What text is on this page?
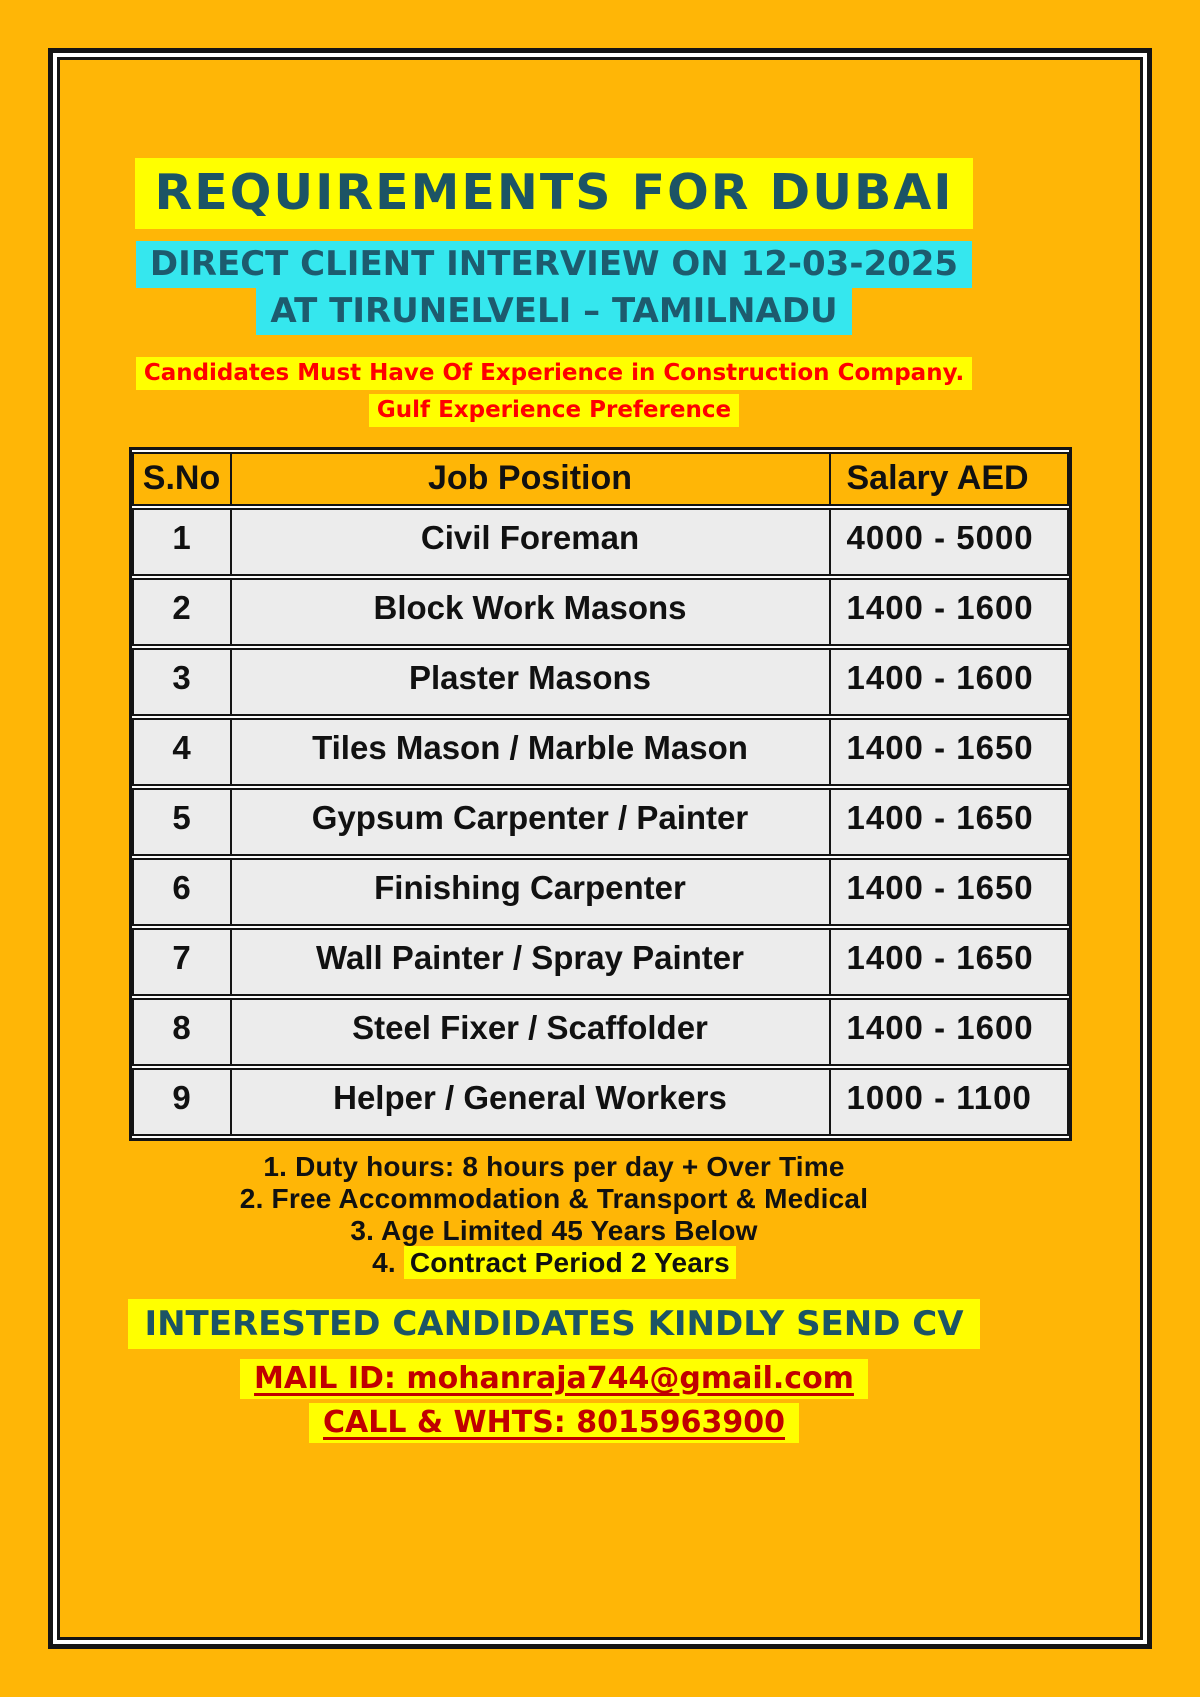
REQUIREMENTS FOR DUBAI
DIRECT CLIENT INTERVIEW ON 12-03-2025
AT TIRUNELVELI – TAMILNADU
Candidates Must Have Of Experience in Construction Company.
Gulf Experience Preference
S.No	Job Position	Salary AED
1	Civil Foreman	4000 - 5000
2	Block Work Masons	1400 - 1600
3	Plaster Masons	1400 - 1600
4	Tiles Mason / Marble Mason	1400 - 1650
5	Gypsum Carpenter / Painter	1400 - 1650
6	Finishing Carpenter	1400 - 1650
7	Wall Painter / Spray Painter	1400 - 1650
8	Steel Fixer / Scaffolder	1400 - 1600
9	Helper / General Workers	1000 - 1100
1. Duty hours: 8 hours per day + Over Time
2. Free Accommodation & Transport & Medical
3. Age Limited 45 Years Below
4. Contract Period 2 Years
INTERESTED CANDIDATES KINDLY SEND CV
MAIL ID: mohanraja744@gmail.com
CALL & WHTS: 8015963900
